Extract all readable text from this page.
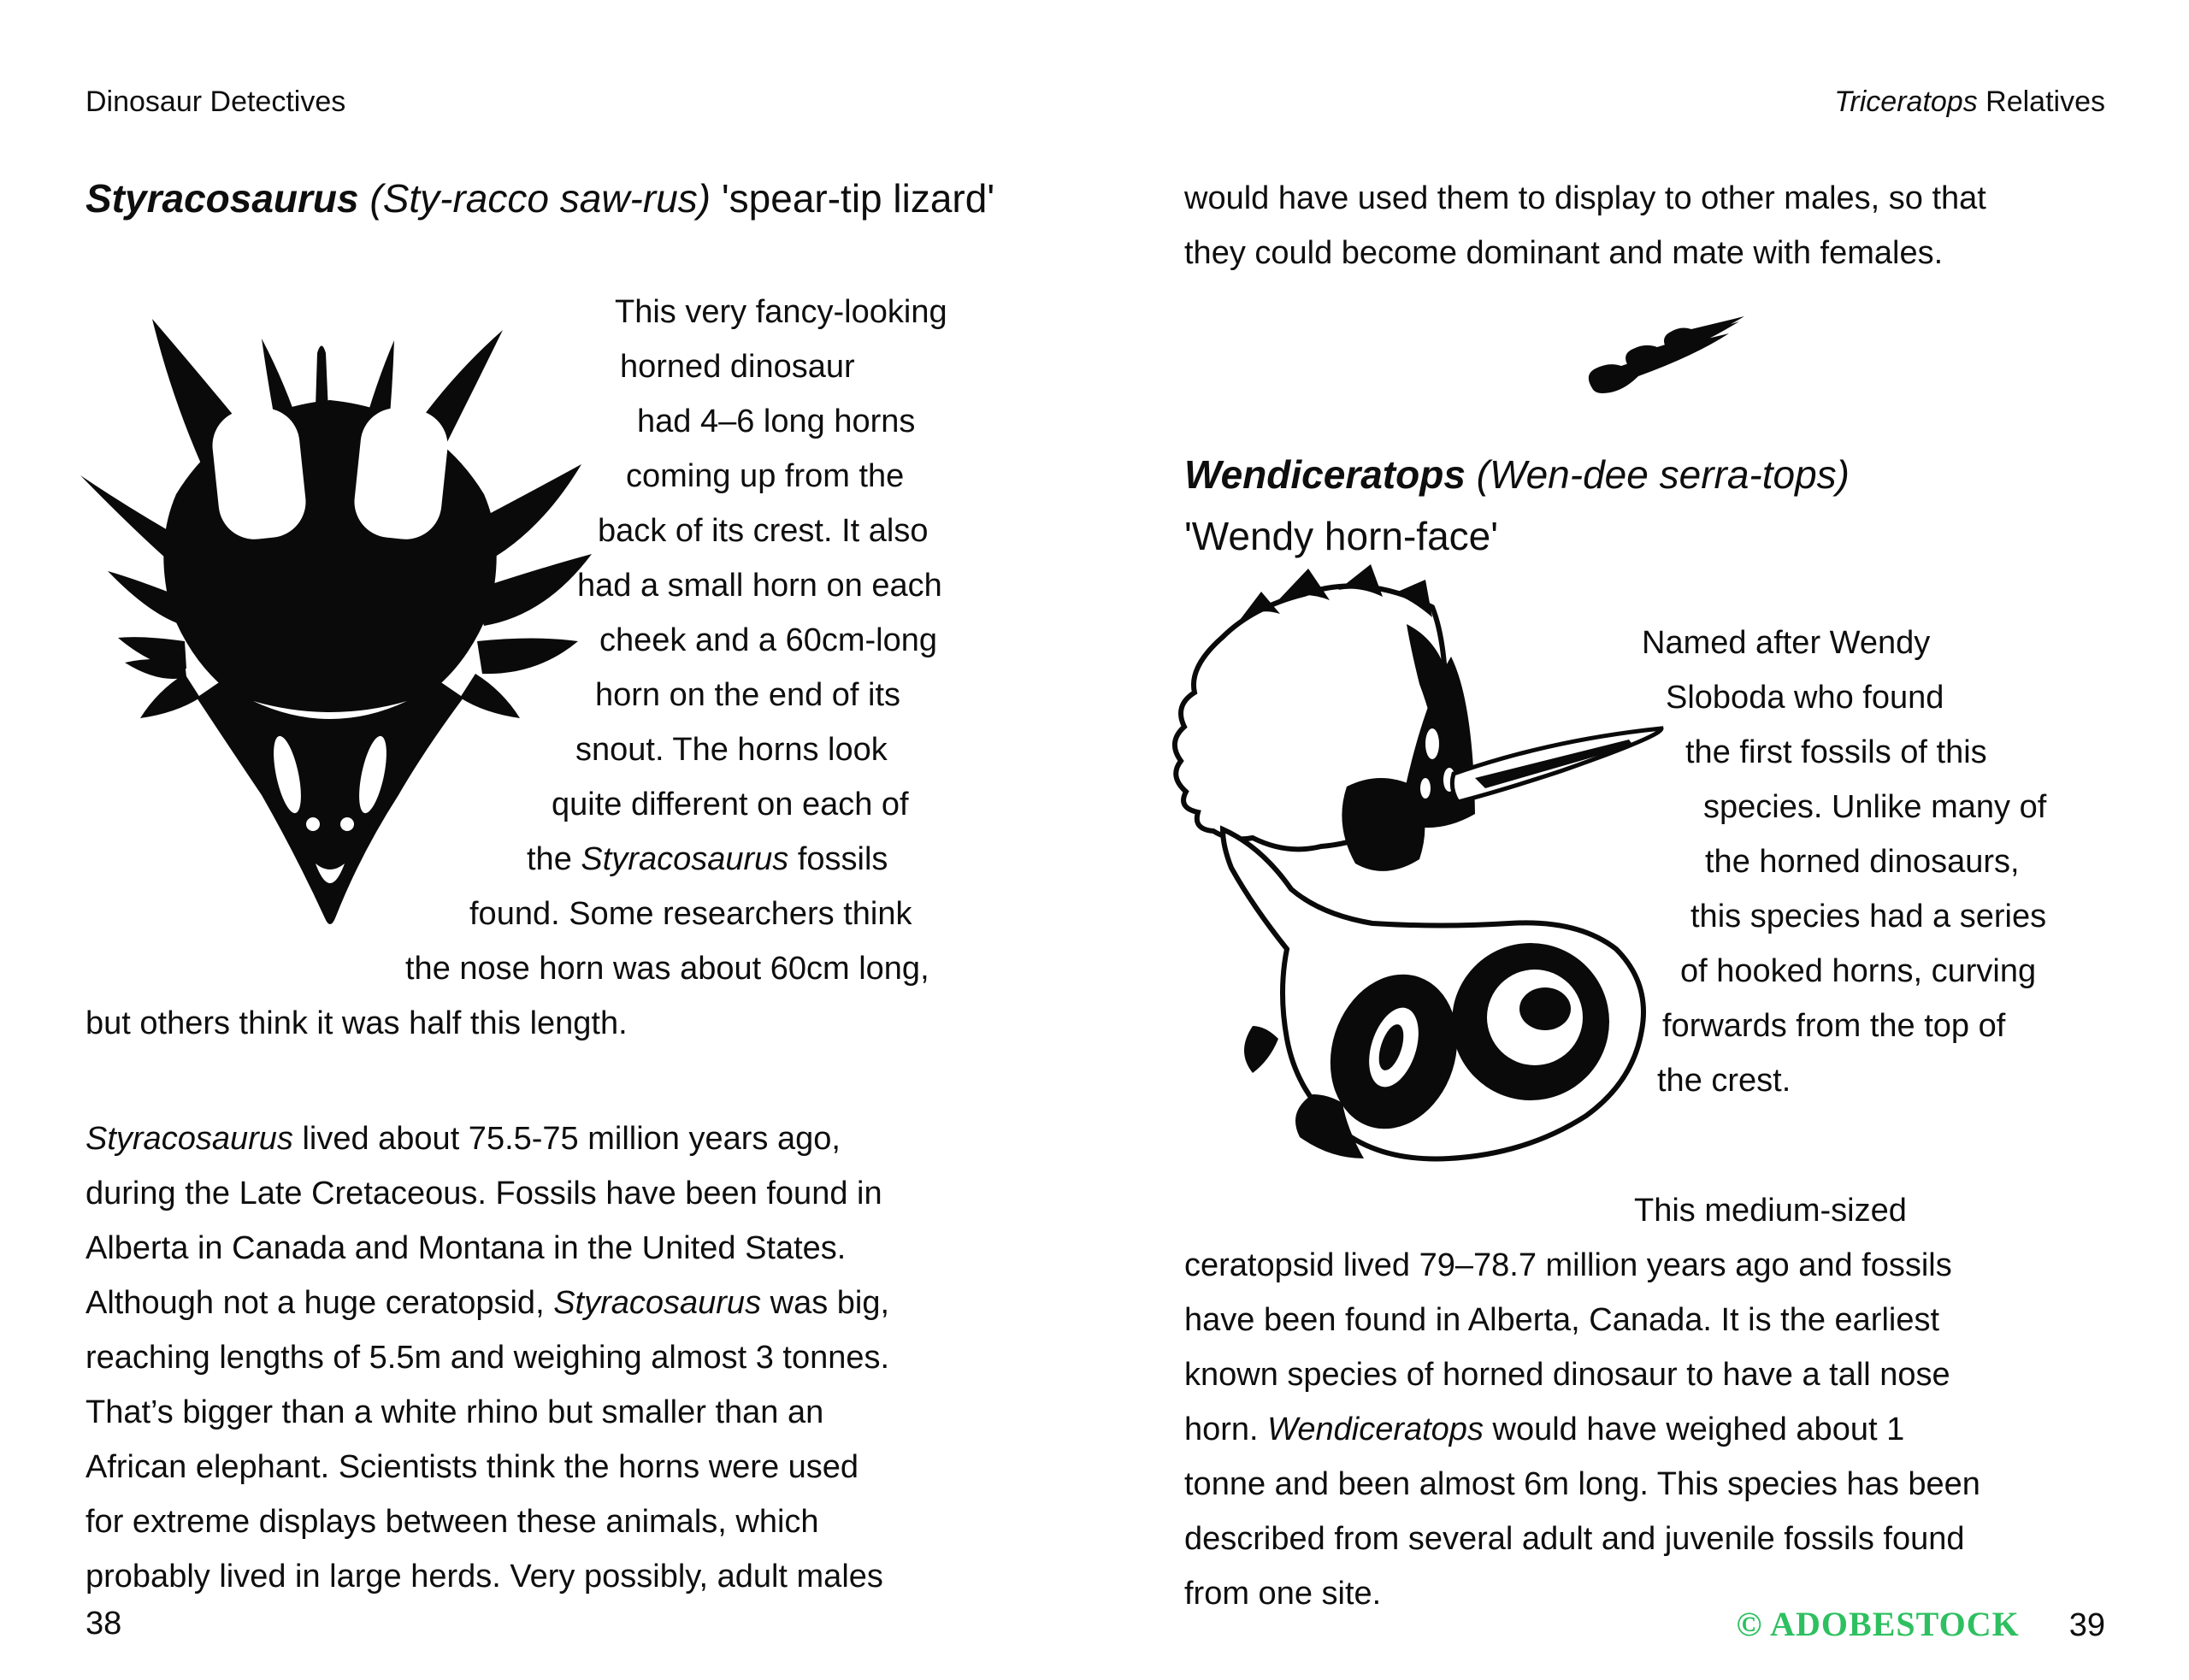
Dinosaur Detectives	Triceratops Relatives
Styracosaurus (Sty-racco saw-rus) 'spear-tip lizard'
This very fancy-looking
horned dinosaur
had 4–6 long horns
coming up from the
back of its crest. It also
had a small horn on each
cheek and a 60cm-long
horn on the end of its
snout. The horns look
quite different on each of
the Styracosaurus fossils
found. Some researchers think
the nose horn was about 60cm long,
but others think it was half this length.
Styracosaurus lived about 75.5-75 million years ago,
during the Late Cretaceous. Fossils have been found in
Alberta in Canada and Montana in the United States.
Although not a huge ceratopsid, Styracosaurus was big,
reaching lengths of 5.5m and weighing almost 3 tonnes.
That’s bigger than a white rhino but smaller than an
African elephant. Scientists think the horns were used
for extreme displays between these animals, which
probably lived in large herds. Very possibly, adult males
38
would have used them to display to other males, so that
they could become dominant and mate with females.
Wendiceratops (Wen-dee serra-tops)
'Wendy horn-face'
Named after Wendy
Sloboda who found
the first fossils of this
species. Unlike many of
the horned dinosaurs,
this species had a series
of hooked horns, curving
forwards from the top of
the crest.
This medium-sized
ceratopsid lived 79–78.7 million years ago and fossils
have been found in Alberta, Canada. It is the earliest
known species of horned dinosaur to have a tall nose
horn. Wendiceratops would have weighed about 1
tonne and been almost 6m long. This species has been
described from several adult and juvenile fossils found
from one site.
© ADOBESTOCK 39
